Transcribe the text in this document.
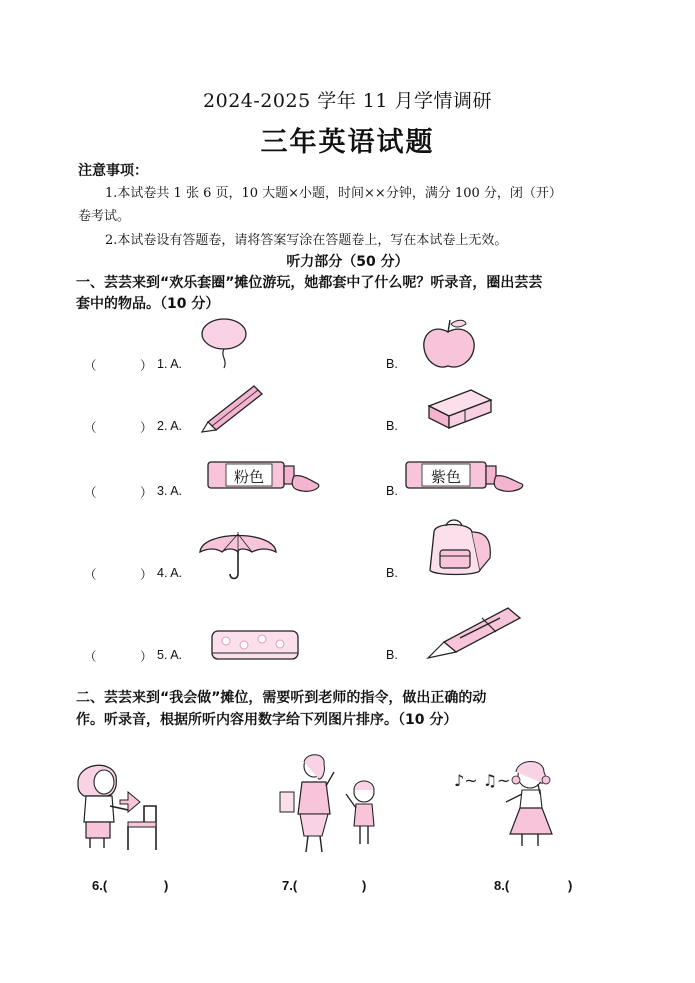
2024-2025 学年 11 月学情调研
三年英语试题
注意事项：
1.本试卷共 1 张 6 页，10 大题×小题，时间××分钟，满分 100 分，闭（开）
卷考试。
2.本试卷设有答题卷，请将答案写涂在答题卷上，写在本试卷上无效。
听力部分（50 分）
一、芸芸来到“欢乐套圈”摊位游玩，她都套中了什么呢？听录音，圈出芸芸
套中的物品。（10 分）
（	） 1. A.	B.
（	） 2. A.	B.
（	） 3. A.	B.
粉色	紫色
（	） 4. A.	B.
（	） 5. A.	B.
二、芸芸来到“我会做”摊位，需要听到老师的指令，做出正确的动
作。听录音，根据所听内容用数字给下列图片排序。（10 分）
♪~ ♫~
6.(	)	7.(	)	8.(	)
